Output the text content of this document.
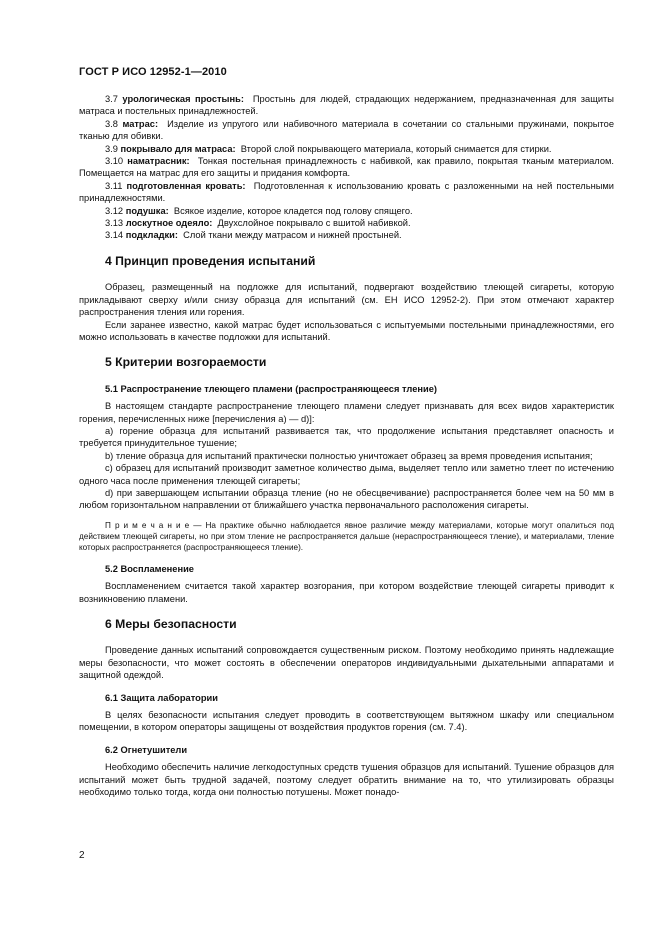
ГОСТ Р ИСО 12952-1—2010

3.7 урологическая простынь: Простынь для людей, страдающих недержанием, предназначенная для защиты матраса и постельных принадлежностей.

3.8 матрас: Изделие из упругого или набивочного материала в сочетании со стальными пружинами, покрытое тканью для обивки.

3.9 покрывало для матраса: Второй слой покрывающего материала, который снимается для стирки.

3.10 наматрасник: Тонкая постельная принадлежность с набивкой, как правило, покрытая тканым материалом. Помещается на матрас для его защиты и придания комфорта.

3.11 подготовленная кровать: Подготовленная к использованию кровать с разложенными на ней постельными принадлежностями.

3.12 подушка: Всякое изделие, которое кладется под голову спящего.

3.13 лоскутное одеяло: Двухслойное покрывало с вшитой набивкой.

3.14 подкладки: Слой ткани между матрасом и нижней простыней.

4 Принцип проведения испытаний

Образец, размещенный на подложке для испытаний, подвергают воздействию тлеющей сигареты, которую прикладывают сверху и/или снизу образца для испытаний (см. ЕН ИСО 12952-2). При этом отмечают характер распространения тления или горения.

Если заранее известно, какой матрас будет использоваться с испытуемыми постельными принадлежностями, его можно использовать в качестве подложки для испытаний.

5 Критерии возгораемости
5.1 Распространение тлеющего пламени (распространяющееся тление)

В настоящем стандарте распространение тлеющего пламени следует признавать для всех видов характеристик горения, перечисленных ниже [перечисления а) — d)]:

а) горение образца для испытаний развивается так, что продолжение испытания представляет опасность и требуется принудительное тушение;

b) тление образца для испытаний практически полностью уничтожает образец за время проведения испытания;

c) образец для испытаний производит заметное количество дыма, выделяет тепло или заметно тлеет по истечению одного часа после применения тлеющей сигареты;

d) при завершающем испытании образца тление (но не обесцвечивание) распространяется более чем на 50 мм в любом горизонтальном направлении от ближайшего участка первоначального расположения сигареты.

П р и м е ч а н и е — На практике обычно наблюдается явное различие между материалами, которые могут опалиться под действием тлеющей сигареты, но при этом тление не распространяется дальше (нераспространяющееся тление), и материалами, тление которых распространяется (распространяющееся тление).

5.2 Воспламенение

Воспламенением считается такой характер возгорания, при котором воздействие тлеющей сигареты приводит к возникновению пламени.

6 Меры безопасности

Проведение данных испытаний сопровождается существенным риском. Поэтому необходимо принять надлежащие меры безопасности, что может состоять в обеспечении операторов индивидуальными дыхательными аппаратами и защитной одеждой.

6.1 Защита лаборатории

В целях безопасности испытания следует проводить в соответствующем вытяжном шкафу или специальном помещении, в котором операторы защищены от воздействия продуктов горения (см. 7.4).

6.2 Огнетушители

Необходимо обеспечить наличие легкодоступных средств тушения образцов для испытаний. Тушение образцов для испытаний может быть трудной задачей, поэтому следует обратить внимание на то, что утилизировать образцы необходимо только тогда, когда они полностью потушены. Может понадо-

2
